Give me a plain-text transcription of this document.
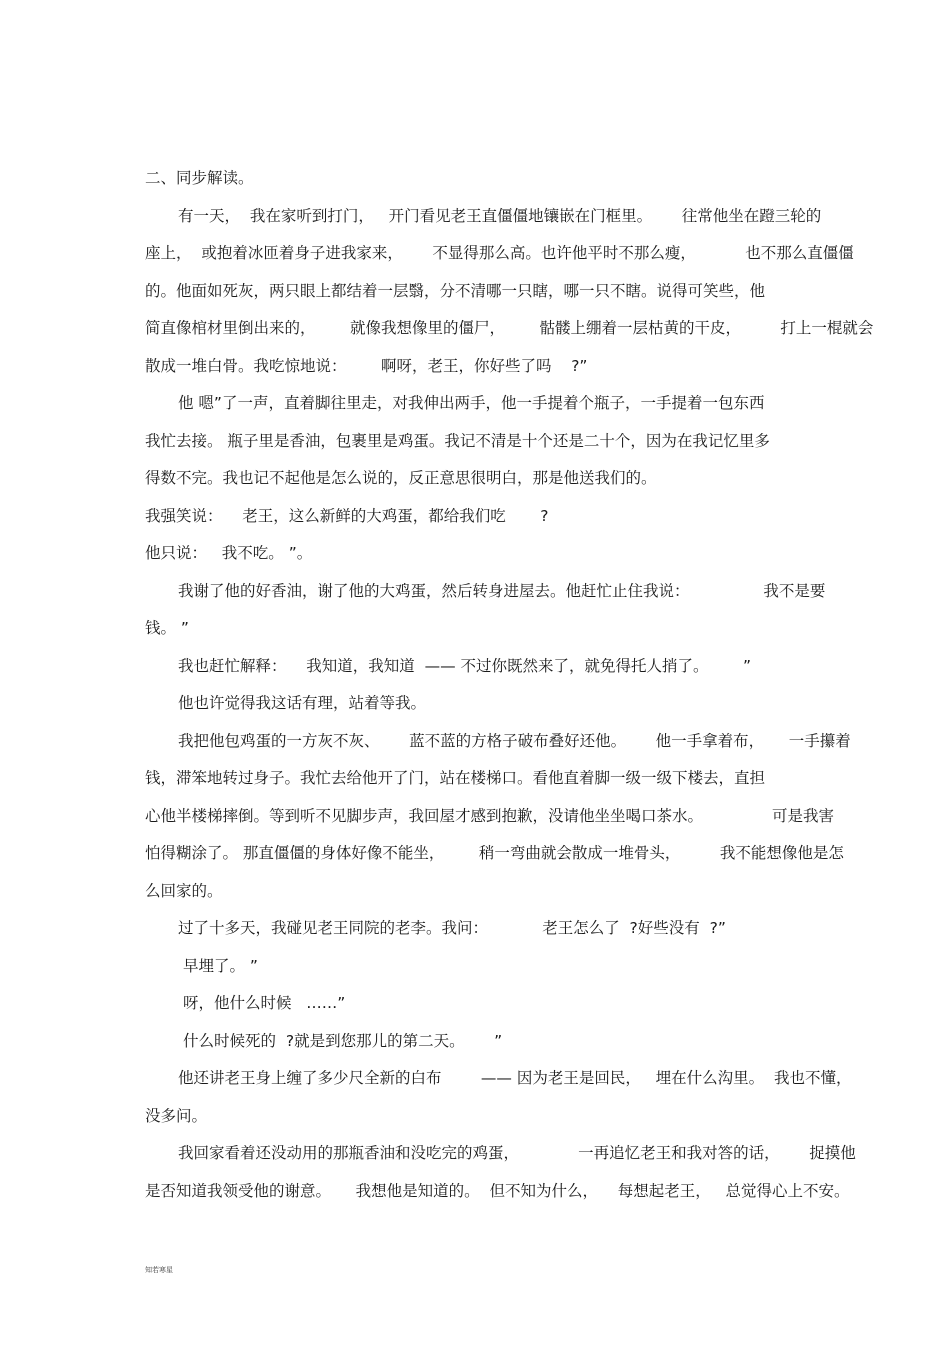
二、同步解读。
有一天，  我在家听到打门，   开门看见老王直僵僵地镶嵌在门框里。      往常他坐在蹬三轮的
座上，  或抱着冰匝着身子进我家来，      不显得那么高。也许他平时不那么瘦，          也不那么直僵僵
的。他面如死灰，两只眼上都结着一层翳，分不清哪一只瞎，哪一只不瞎。说得可笑些，他
简直像棺材里倒出来的，       就像我想像里的僵尸，       骷髅上绷着一层枯黄的干皮，        打上一棍就会
散成一堆白骨。我吃惊地说：       啊呀，老王，你好些了吗    ?”
他 嗯”了一声，直着脚往里走，对我伸出两手，他一手提着个瓶子，一手提着一包东西
我忙去接。 瓶子里是香油，包裹里是鸡蛋。我记不清是十个还是二十个，因为在我记忆里多
得数不完。我也记不起他是怎么说的，反正意思很明白，那是他送我们的。
我强笑说：    老王，这么新鲜的大鸡蛋，都给我们吃       ?
他只说：   我不吃。 ”。
我谢了他的好香油，谢了他的大鸡蛋，然后转身进屋去。他赶忙止住我说：               我不是要
钱。 ”
我也赶忙解释：    我知道，我知道  —— 不过你既然来了，就免得托人捎了。       ”
他也许觉得我这话有理，站着等我。
我把他包鸡蛋的一方灰不灰、      蓝不蓝的方格子破布叠好还他。      他一手拿着布，     一手攥着
钱，滞笨地转过身子。我忙去给他开了门，站在楼梯口。看他直着脚一级一级下楼去，直担
心他半楼梯摔倒。等到听不见脚步声，我回屋才感到抱歉，没请他坐坐喝口茶水。              可是我害
怕得糊涂了。 那直僵僵的身体好像不能坐，       稍一弯曲就会散成一堆骨头，        我不能想像他是怎
么回家的。
过了十多天，我碰见老王同院的老李。我问：           老王怎么了  ?好些没有  ?”
早埋了。 ”
呀，他什么时候   ……”
什么时候死的  ?就是到您那儿的第二天。      ”
他还讲老王身上缠了多少尺全新的白布        —— 因为老王是回民，   埋在什么沟里。  我也不懂，
没多问。
我回家看着还没动用的那瓶香油和没吃完的鸡蛋，            一再追忆老王和我对答的话，      捉摸他
是否知道我领受他的谢意。     我想他是知道的。  但不知为什么，    每想起老王，   总觉得心上不安。
知若寒星
